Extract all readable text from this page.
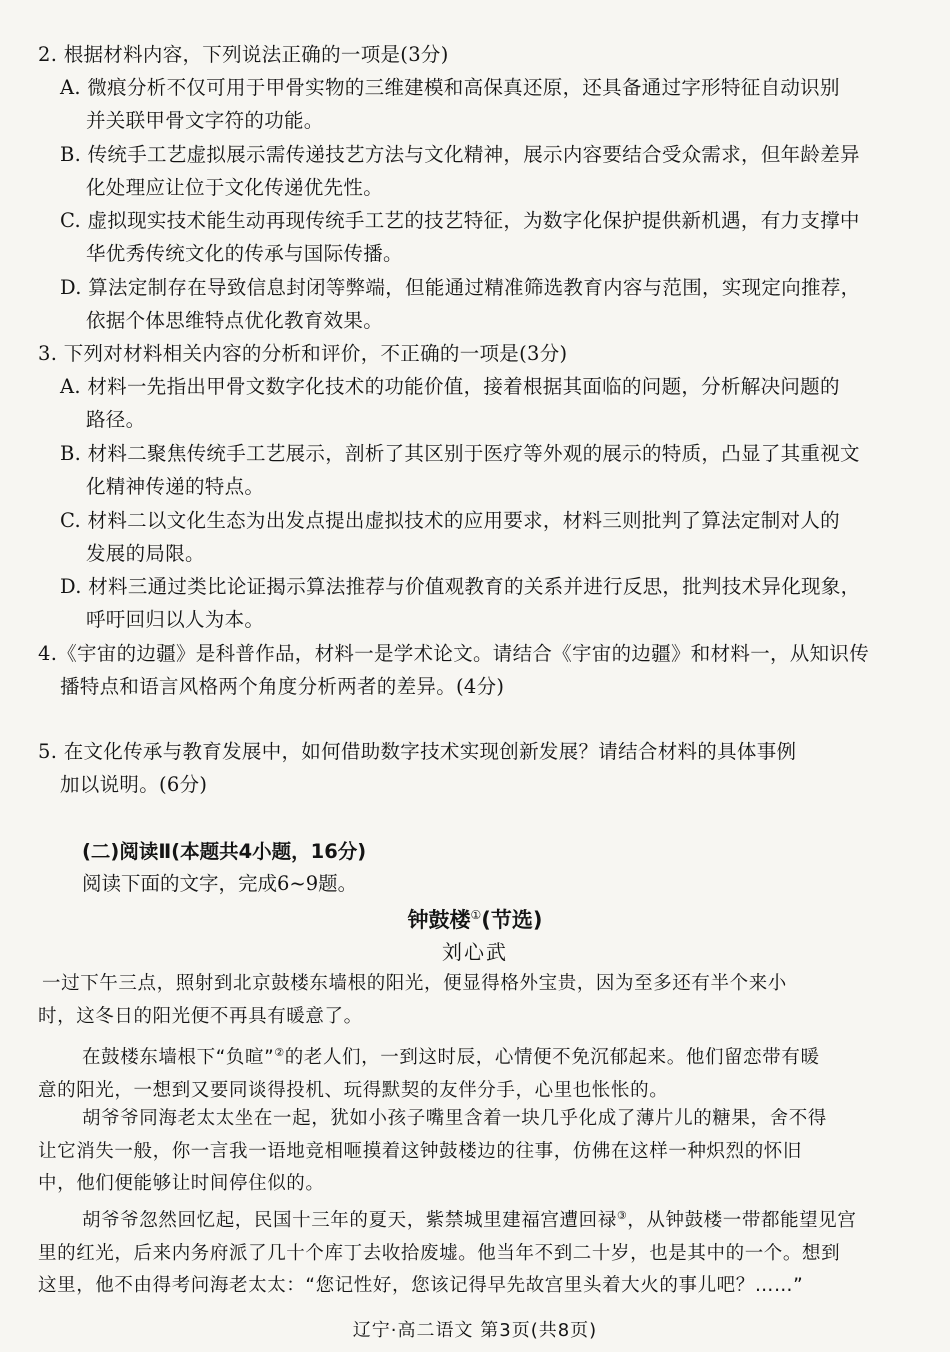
2. 根据材料内容，下列说法正确的一项是(3分)
A. 微痕分析不仅可用于甲骨实物的三维建模和高保真还原，还具备通过字形特征自动识别
并关联甲骨文字符的功能。
B. 传统手工艺虚拟展示需传递技艺方法与文化精神，展示内容要结合受众需求，但年龄差异
化处理应让位于文化传递优先性。
C. 虚拟现实技术能生动再现传统手工艺的技艺特征，为数字化保护提供新机遇，有力支撑中
华优秀传统文化的传承与国际传播。
D. 算法定制存在导致信息封闭等弊端，但能通过精准筛选教育内容与范围，实现定向推荐，
依据个体思维特点优化教育效果。
3. 下列对材料相关内容的分析和评价，不正确的一项是(3分)
A. 材料一先指出甲骨文数字化技术的功能价值，接着根据其面临的问题，分析解决问题的
路径。
B. 材料二聚焦传统手工艺展示，剖析了其区别于医疗等外观的展示的特质，凸显了其重视文
化精神传递的特点。
C. 材料二以文化生态为出发点提出虚拟技术的应用要求，材料三则批判了算法定制对人的
发展的局限。
D. 材料三通过类比论证揭示算法推荐与价值观教育的关系并进行反思，批判技术异化现象，
呼吁回归以人为本。
4.《宇宙的边疆》是科普作品，材料一是学术论文。请结合《宇宙的边疆》和材料一，从知识传
播特点和语言风格两个角度分析两者的差异。(4分)
5. 在文化传承与教育发展中，如何借助数字技术实现创新发展？请结合材料的具体事例
加以说明。(6分)
(二)阅读Ⅱ(本题共4小题，16分)
阅读下面的文字，完成6~9题。
钟鼓楼①(节选)
刘心武
一过下午三点，照射到北京鼓楼东墙根的阳光，便显得格外宝贵，因为至多还有半个来小
时，这冬日的阳光便不再具有暖意了。
在鼓楼东墙根下“负暄”②的老人们，一到这时辰，心情便不免沉郁起来。他们留恋带有暖
意的阳光，一想到又要同谈得投机、玩得默契的友伴分手，心里也怅怅的。
胡爷爷同海老太太坐在一起，犹如小孩子嘴里含着一块几乎化成了薄片儿的糖果，舍不得
让它消失一般，你一言我一语地竞相咂摸着这钟鼓楼边的往事，仿佛在这样一种炽烈的怀旧
中，他们便能够让时间停住似的。
胡爷爷忽然回忆起，民国十三年的夏天，紫禁城里建福宫遭回禄③，从钟鼓楼一带都能望见宫
里的红光，后来内务府派了几十个库丁去收拾废墟。他当年不到二十岁，也是其中的一个。想到
这里，他不由得考问海老太太：“您记性好，您该记得早先故宫里头着大火的事儿吧？……”
辽宁·高二语文 第3页(共8页)
